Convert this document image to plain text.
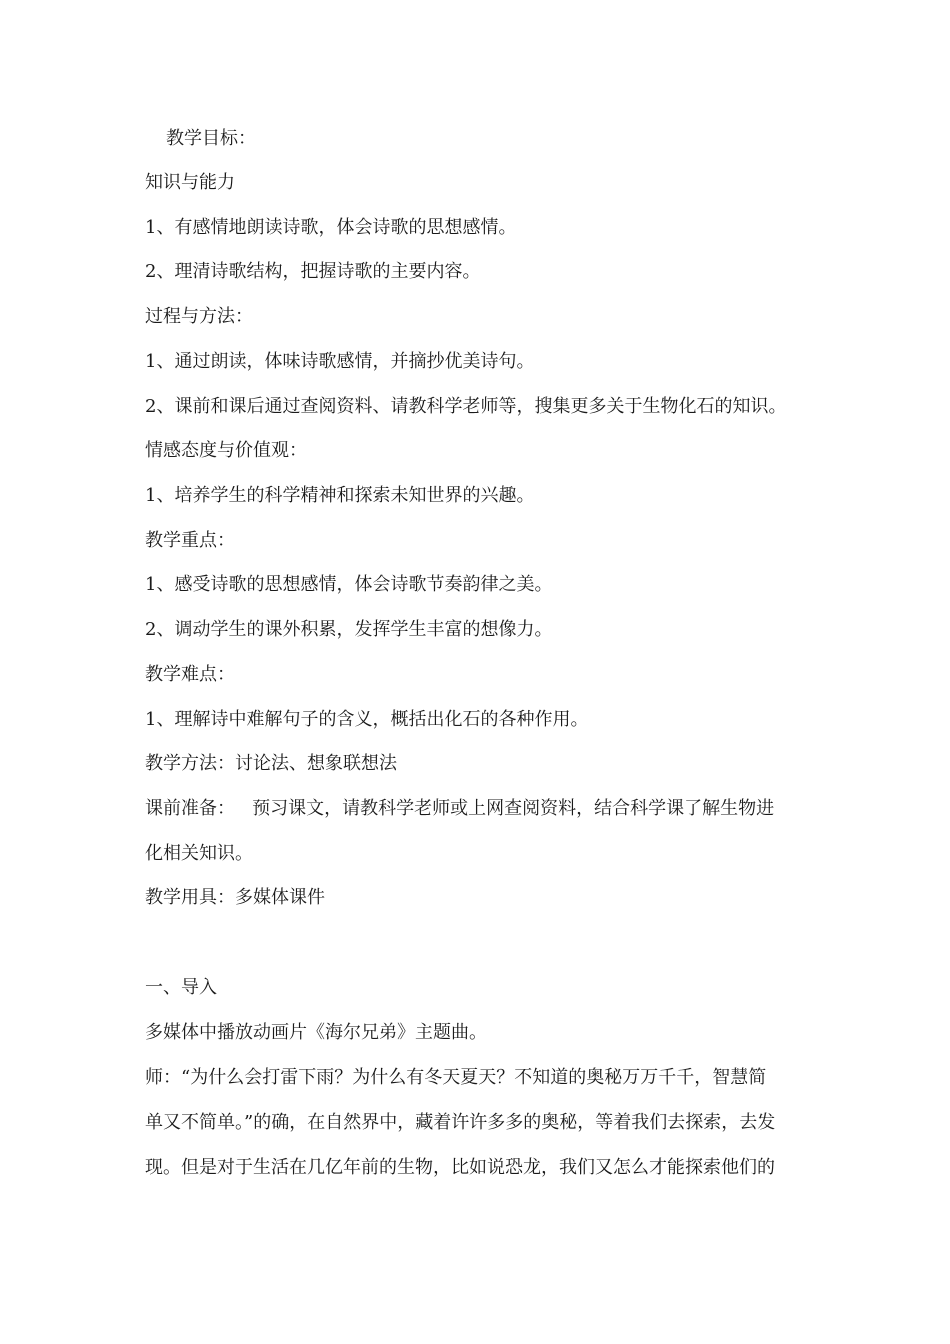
教学目标：
知识与能力
1、有感情地朗读诗歌，体会诗歌的思想感情。
2、理清诗歌结构，把握诗歌的主要内容。
过程与方法：
1、通过朗读，体味诗歌感情，并摘抄优美诗句。
2、课前和课后通过查阅资料、请教科学老师等，搜集更多关于生物化石的知识。
情感态度与价值观：
1、培养学生的科学精神和探索未知世界的兴趣。
教学重点：
1、感受诗歌的思想感情，体会诗歌节奏韵律之美。
2、调动学生的课外积累，发挥学生丰富的想像力。
教学难点：
1、理解诗中难解句子的含义，概括出化石的各种作用。
教学方法：讨论法、想象联想法
课前准备：   预习课文，请教科学老师或上网查阅资料，结合科学课了解生物进
化相关知识。
教学用具：多媒体课件
一、导入
多媒体中播放动画片《海尔兄弟》主题曲。
师：“为什么会打雷下雨？为什么有冬天夏天？不知道的奥秘万万千千，智慧简
单又不简单。”的确，在自然界中，藏着许许多多的奥秘，等着我们去探索，去发
现。但是对于生活在几亿年前的生物，比如说恐龙，我们又怎么才能探索他们的
